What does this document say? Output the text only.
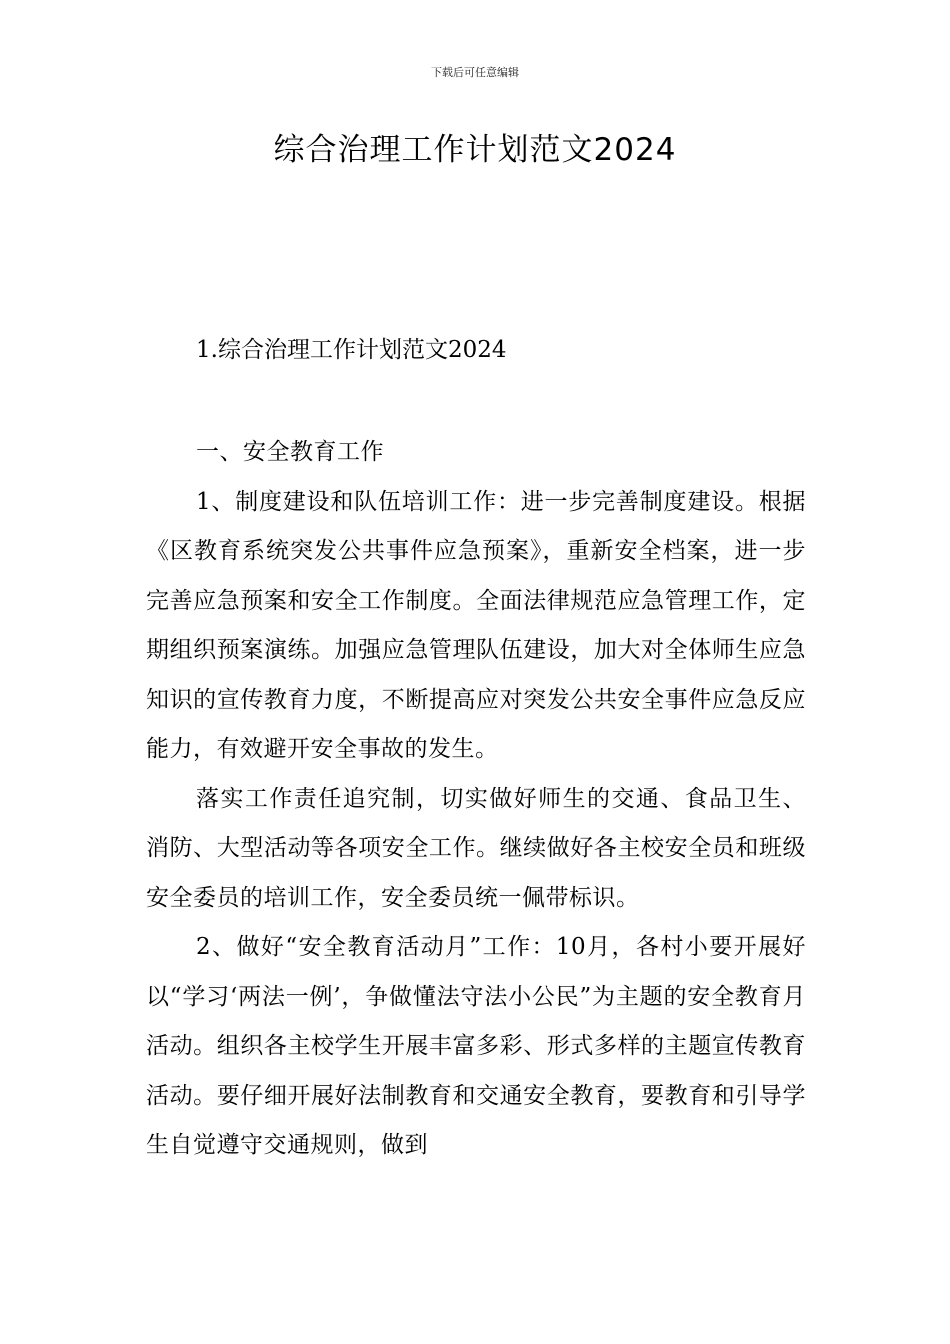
下载后可任意编辑
综合治理工作计划范文2024

1.综合治理工作计划范文2024

一、安全教育工作

1、制度建设和队伍培训工作：进一步完善制度建设。根据《区教育系统突发公共事件应急预案》，重新安全档案，进一步完善应急预案和安全工作制度。全面法律规范应急管理工作，定期组织预案演练。加强应急管理队伍建设，加大对全体师生应急知识的宣传教育力度，不断提高应对突发公共安全事件应急反应能力，有效避开安全事故的发生。

落实工作责任追究制，切实做好师生的交通、食品卫生、消防、大型活动等各项安全工作。继续做好各主校安全员和班级安全委员的培训工作，安全委员统一佩带标识。

2、做好“安全教育活动月”工作：10月，各村小要开展好以“学习‘两法一例’，争做懂法守法小公民”为主题的安全教育月活动。组织各主校学生开展丰富多彩、形式多样的主题宣传教育活动。要仔细开展好法制教育和交通安全教育，要教育和引导学生自觉遵守交通规则，做到
